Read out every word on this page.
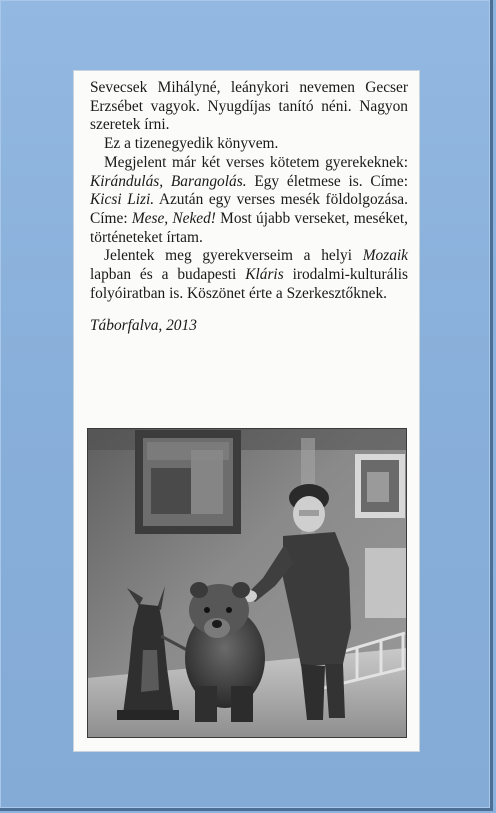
Sevecsek Mihályné, leánykori nevemen Gecser Erzsébet vagyok. Nyugdíjas tanító néni. Nagyon szeretek írni.

Ez a tizenegyedik könyvem.

Megjelent már két verses kötetem gyerekeknek: Kirándulás, Barangolás. Egy életmese is. Címe: Kicsi Lizi. Azután egy verses mesék földolgozása. Címe: Mese, Neked! Most újabb verseket, meséket, történeteket írtam.

Jelentek meg gyerekverseim a helyi Mozaik lapban és a budapesti Kláris irodalmi-kulturális folyóiratban is. Köszönet érte a Szerkesztőknek.

Táborfalva, 2013
